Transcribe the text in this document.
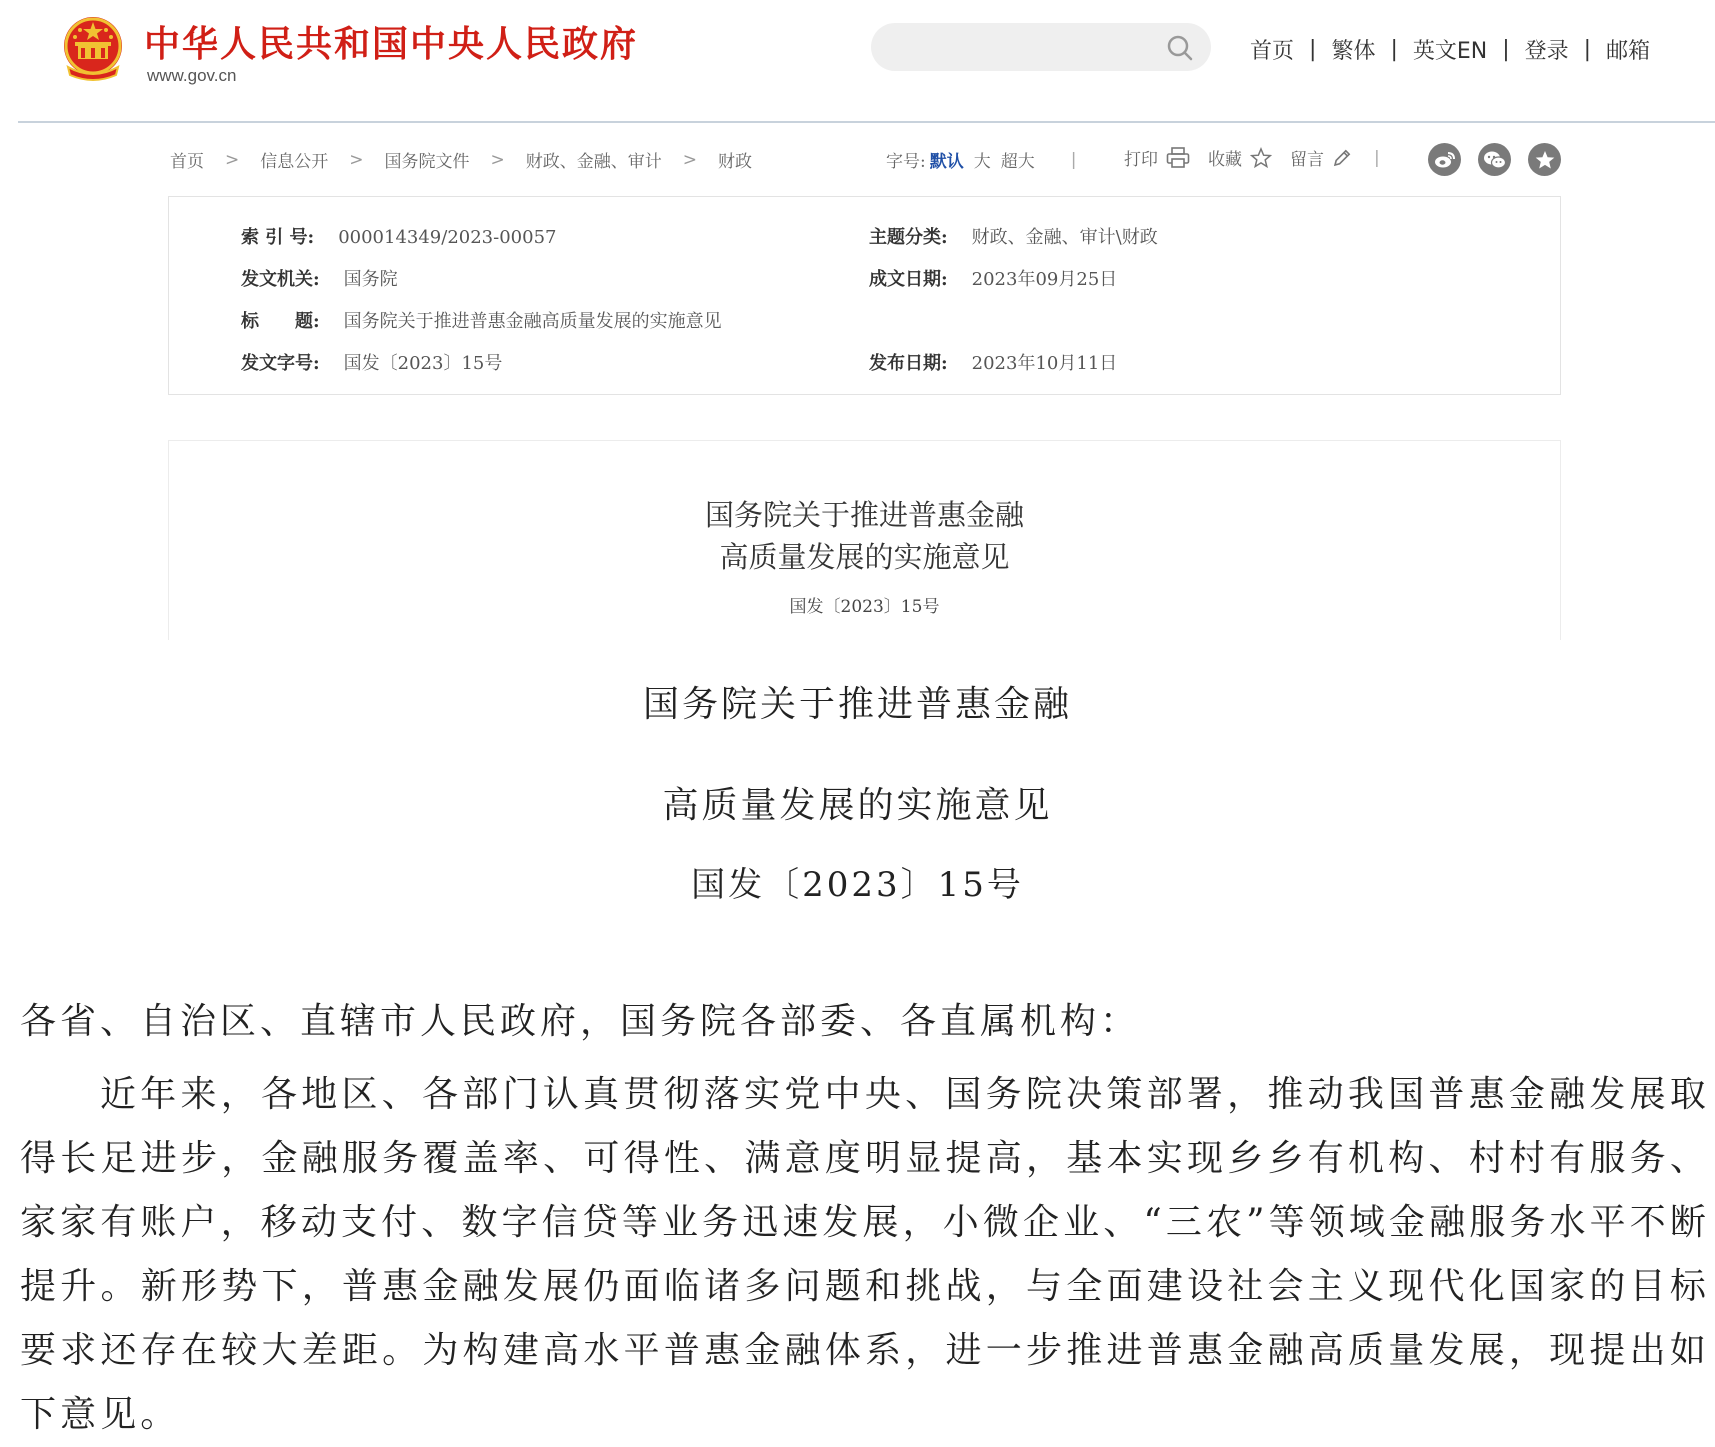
中华人民共和国中央人民政府
www.gov.cn
首页 | 繁体 | 英文EN | 登录 | 邮箱
首页 > 信息公开 > 国务院文件 > 财政、金融、审计 > 财政	字号: 默认 大 超大 |	打印	收藏	留言	|
索 引 号: 000014349/2023-00057	主题分类: 财政、金融、审计\财政
发文机关: 国务院	成文日期: 2023年09月25日
标　　题: 国务院关于推进普惠金融高质量发展的实施意见
发文字号: 国发〔2023〕15号	发布日期: 2023年10月11日
国务院关于推进普惠金融
高质量发展的实施意见
国发〔2023〕15号
国务院关于推进普惠金融
高质量发展的实施意见
国发〔2023〕15号
各省、自治区、直辖市人民政府，国务院各部委、各直属机构：

近年来，各地区、各部门认真贯彻落实党中央、国务院决策部署，推动我国普惠金融发展取得长足进步，金融服务覆盖率、可得性、满意度明显提高，基本实现乡乡有机构、村村有服务、家家有账户，移动支付、数字信贷等业务迅速发展，小微企业、“三农”等领域金融服务水平不断提升。新形势下，普惠金融发展仍面临诸多问题和挑战，与全面建设社会主义现代化国家的目标要求还存在较大差距。为构建高水平普惠金融体系，进一步推进普惠金融高质量发展，现提出如下意见。
